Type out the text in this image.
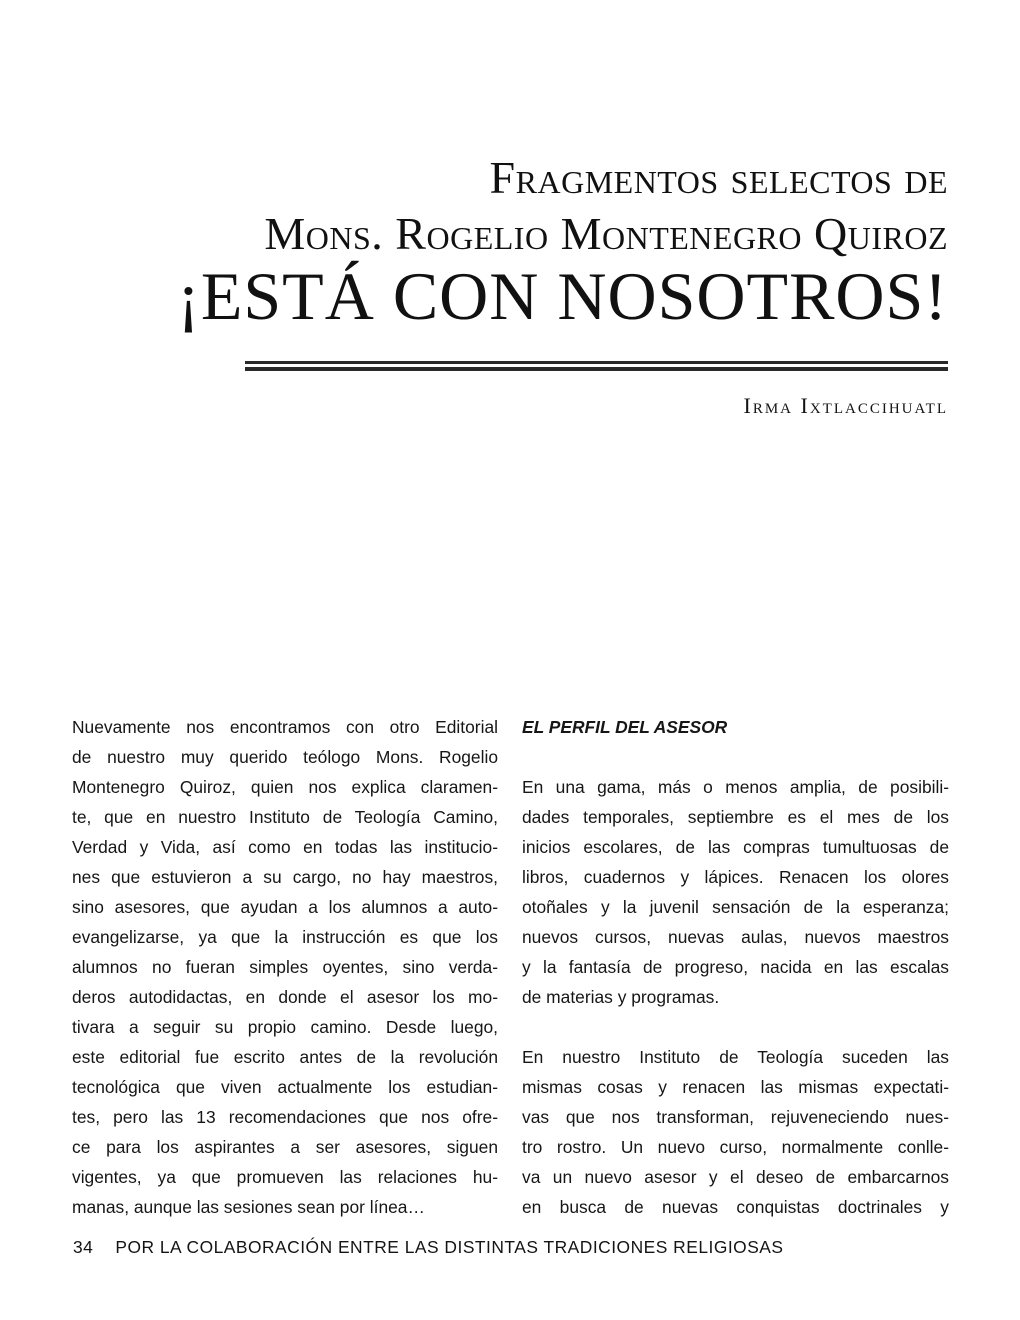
Fragmentos selectos de
Mons. Rogelio Montenegro Quiroz
¡ESTÁ CON NOSOTROS!
Irma Ixtlaccihuatl
Nuevamente nos encontramos con otro Editorial
de nuestro muy querido teólogo Mons. Rogelio
Montenegro Quiroz, quien nos explica claramen-
te, que en nuestro Instituto de Teología Camino,
Verdad y Vida, así como en todas las institucio-
nes que estuvieron a su cargo, no hay maestros,
sino asesores, que ayudan a los alumnos a auto-
evangelizarse, ya que la instrucción es que los
alumnos no fueran simples oyentes, sino verda-
deros autodidactas, en donde el asesor los mo-
tivara a seguir su propio camino. Desde luego,
este editorial fue escrito antes de la revolución
tecnológica que viven actualmente los estudian-
tes, pero las 13 recomendaciones que nos ofre-
ce para los aspirantes a ser asesores, siguen
vigentes, ya que promueven las relaciones hu-
manas, aunque las sesiones sean por línea…
EL PERFIL DEL ASESOR
En una gama, más o menos amplia, de posibili-
dades temporales, septiembre es el mes de los
inicios escolares, de las compras tumultuosas de
libros, cuadernos y lápices. Renacen los olores
otoñales y la juvenil sensación de la esperanza;
nuevos cursos, nuevas aulas, nuevos maestros
y la fantasía de progreso, nacida en las escalas
de materias y programas.
En nuestro Instituto de Teología suceden las
mismas cosas y renacen las mismas expectati-
vas que nos transforman, rejuveneciendo nues-
tro rostro. Un nuevo curso, normalmente conlle-
va un nuevo asesor y el deseo de embarcarnos
en busca de nuevas conquistas doctrinales y
34 POR LA COLABORACIÓN ENTRE LAS DISTINTAS TRADICIONES RELIGIOSAS
